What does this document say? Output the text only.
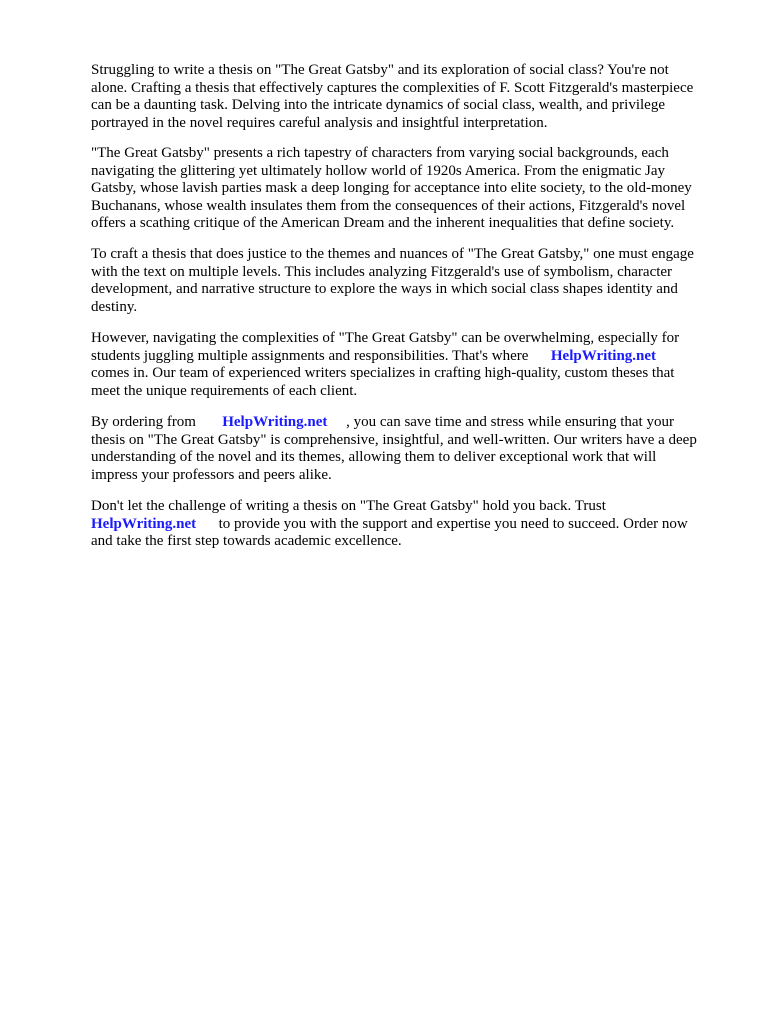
Struggling to write a thesis on "The Great Gatsby" and its exploration of social class? You're not
alone. Crafting a thesis that effectively captures the complexities of F. Scott Fitzgerald's masterpiece
can be a daunting task. Delving into the intricate dynamics of social class, wealth, and privilege
portrayed in the novel requires careful analysis and insightful interpretation.
"The Great Gatsby" presents a rich tapestry of characters from varying social backgrounds, each
navigating the glittering yet ultimately hollow world of 1920s America. From the enigmatic Jay
Gatsby, whose lavish parties mask a deep longing for acceptance into elite society, to the old-money
Buchanans, whose wealth insulates them from the consequences of their actions, Fitzgerald's novel
offers a scathing critique of the American Dream and the inherent inequalities that define society.
To craft a thesis that does justice to the themes and nuances of "The Great Gatsby," one must engage
with the text on multiple levels. This includes analyzing Fitzgerald's use of symbolism, character
development, and narrative structure to explore the ways in which social class shapes identity and
destiny.
However, navigating the complexities of "The Great Gatsby" can be overwhelming, especially for
students juggling multiple assignments and responsibilities. That's where      HelpWriting.net
comes in. Our team of experienced writers specializes in crafting high-quality, custom theses that
meet the unique requirements of each client.
By ordering from       HelpWriting.net     , you can save time and stress while ensuring that your
thesis on "The Great Gatsby" is comprehensive, insightful, and well-written. Our writers have a deep
understanding of the novel and its themes, allowing them to deliver exceptional work that will
impress your professors and peers alike.
Don't let the challenge of writing a thesis on "The Great Gatsby" hold you back. Trust
HelpWriting.net      to provide you with the support and expertise you need to succeed. Order now
and take the first step towards academic excellence.
